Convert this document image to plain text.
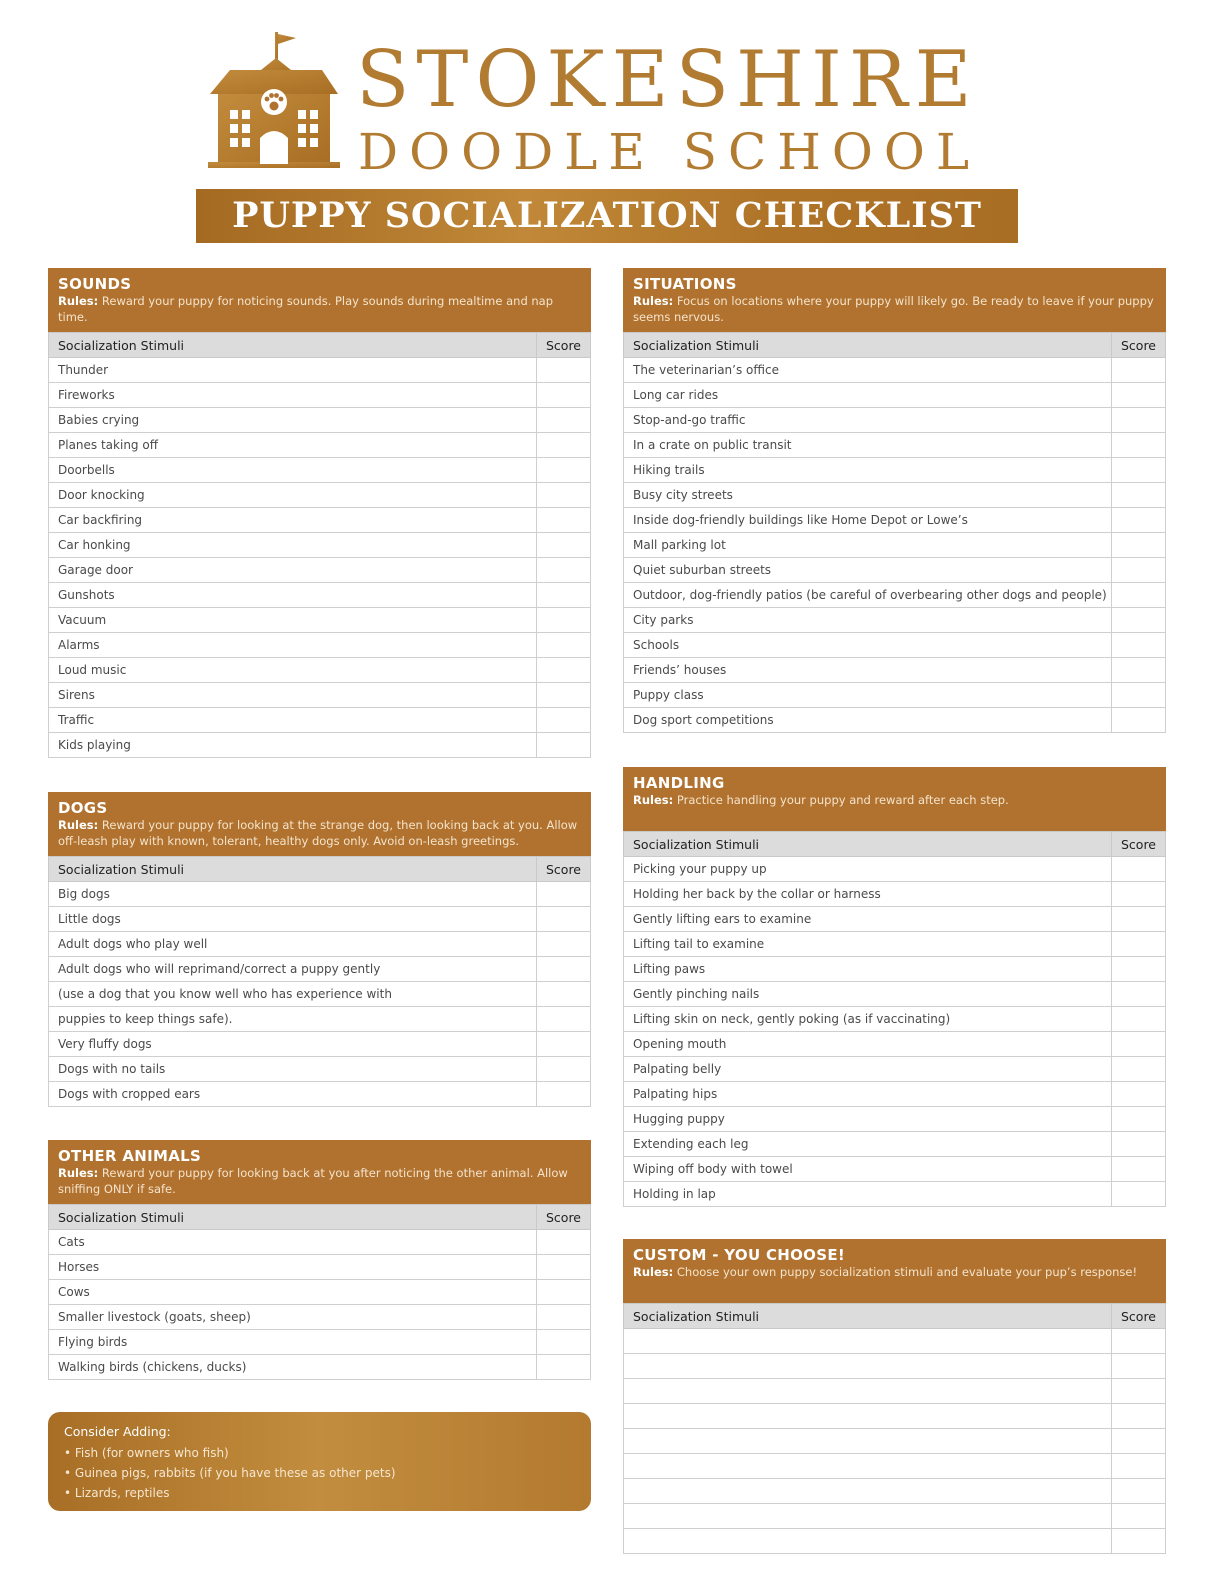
STOKESHIRE
DOODLE SCHOOL
PUPPY SOCIALIZATION CHECKLIST
SOUNDS
Rules: Reward your puppy for noticing sounds. Play sounds during mealtime and nap time.
Socialization Stimuli	Score
Thunder	
Fireworks	
Babies crying	
Planes taking off	
Doorbells	
Door knocking	
Car backfiring	
Car honking	
Garage door	
Gunshots	
Vacuum	
Alarms	
Loud music	
Sirens	
Traffic	
Kids playing	
DOGS
Rules: Reward your puppy for looking at the strange dog, then looking back at you. Allow off-leash play with known, tolerant, healthy dogs only. Avoid on-leash greetings.
Socialization Stimuli	Score
Big dogs	
Little dogs	
Adult dogs who play well	
Adult dogs who will reprimand/correct a puppy gently	
(use a dog that you know well who has experience with	
puppies to keep things safe).	
Very fluffy dogs	
Dogs with no tails	
Dogs with cropped ears	
OTHER ANIMALS
Rules: Reward your puppy for looking back at you after noticing the other animal. Allow sniffing ONLY if safe.
Socialization Stimuli	Score
Cats	
Horses	
Cows	
Smaller livestock (goats, sheep)	
Flying birds	
Walking birds (chickens, ducks)	
SITUATIONS
Rules: Focus on locations where your puppy will likely go. Be ready to leave if your puppy seems nervous.
Socialization Stimuli	Score
The veterinarian’s office	
Long car rides	
Stop-and-go traffic	
In a crate on public transit	
Hiking trails	
Busy city streets	
Inside dog-friendly buildings like Home Depot or Lowe’s	
Mall parking lot	
Quiet suburban streets	
Outdoor, dog-friendly patios (be careful of overbearing other dogs and people)	
City parks	
Schools	
Friends’ houses	
Puppy class	
Dog sport competitions	
HANDLING
Rules: Practice handling your puppy and reward after each step.
Socialization Stimuli	Score
Picking your puppy up	
Holding her back by the collar or harness	
Gently lifting ears to examine	
Lifting tail to examine	
Lifting paws	
Gently pinching nails	
Lifting skin on neck, gently poking (as if vaccinating)	
Opening mouth	
Palpating belly	
Palpating hips	
Hugging puppy	
Extending each leg	
Wiping off body with towel	
Holding in lap	
CUSTOM - YOU CHOOSE!
Rules: Choose your own puppy socialization stimuli and evaluate your pup’s response!
Socialization Stimuli	Score

Consider Adding:
• Fish (for owners who fish)
• Guinea pigs, rabbits (if you have these as other pets)
• Lizards, reptiles
